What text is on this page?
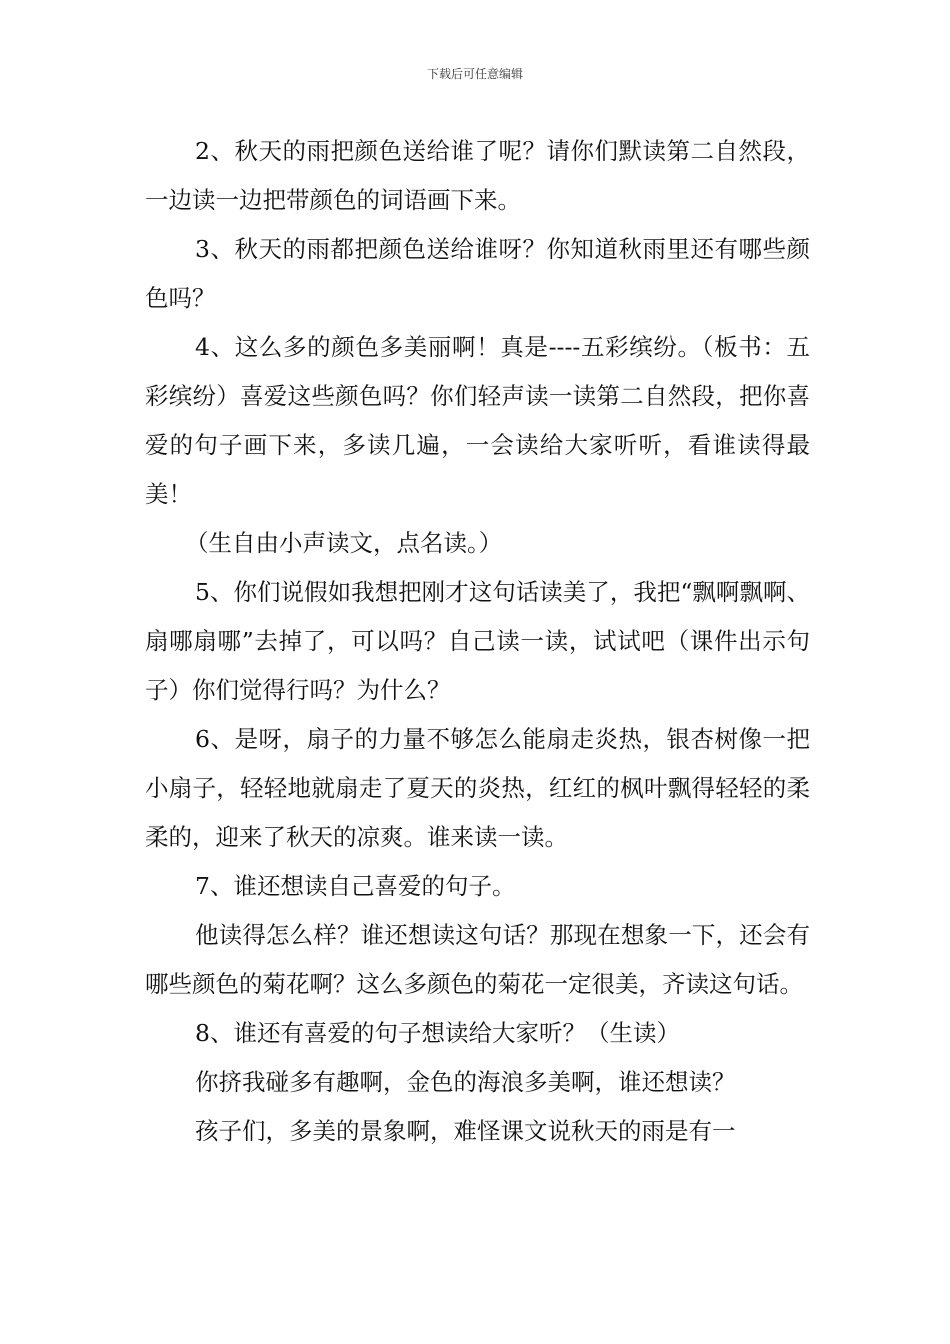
下载后可任意编辑

2、秋天的雨把颜色送给谁了呢？请你们默读第二自然段，一边读一边把带颜色的词语画下来。

3、秋天的雨都把颜色送给谁呀？你知道秋雨里还有哪些颜色吗？

4、这么多的颜色多美丽啊！真是----五彩缤纷。（板书：五彩缤纷）喜爱这些颜色吗？你们轻声读一读第二自然段，把你喜爱的句子画下来，多读几遍，一会读给大家听听，看谁读得最美！

（生自由小声读文，点名读。）

5、你们说假如我想把刚才这句话读美了，我把“飘啊飘啊、扇哪扇哪”去掉了，可以吗？自己读一读，试试吧（课件出示句子）你们觉得行吗？为什么？

6、是呀，扇子的力量不够怎么能扇走炎热，银杏树像一把小扇子，轻轻地就扇走了夏天的炎热，红红的枫叶飘得轻轻的柔柔的，迎来了秋天的凉爽。谁来读一读。

7、谁还想读自己喜爱的句子。

他读得怎么样？谁还想读这句话？那现在想象一下，还会有哪些颜色的菊花啊？这么多颜色的菊花一定很美，齐读这句话。

8、谁还有喜爱的句子想读给大家听？（生读）

你挤我碰多有趣啊，金色的海浪多美啊，谁还想读？

孩子们，多美的景象啊，难怪课文说秋天的雨是有一
